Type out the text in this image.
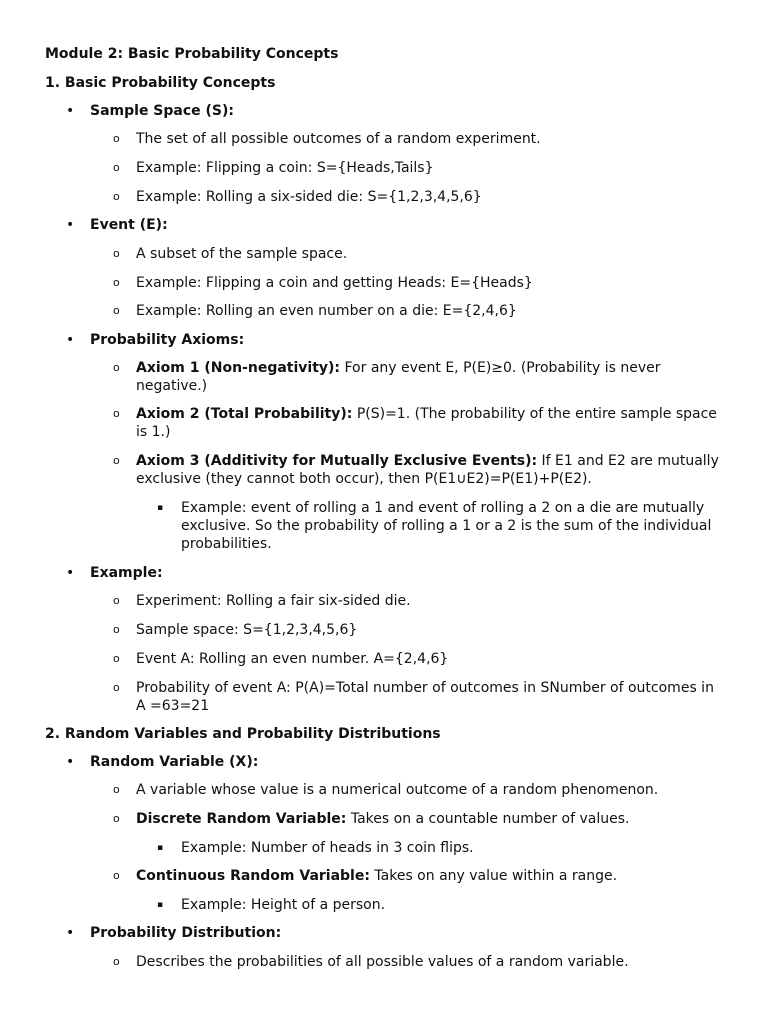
Module 2: Basic Probability Concepts
1. Basic Probability Concepts
• Sample Space (S):
o The set of all possible outcomes of a random experiment.
o Example: Flipping a coin: S={Heads,Tails}
o Example: Rolling a six-sided die: S={1,2,3,4,5,6}
• Event (E):
o A subset of the sample space.
o Example: Flipping a coin and getting Heads: E={Heads}
o Example: Rolling an even number on a die: E={2,4,6}
• Probability Axioms:
o Axiom 1 (Non-negativity): For any event E, P(E)≥0. (Probability is never negative.)
o Axiom 2 (Total Probability): P(S)=1. (The probability of the entire sample space is 1.)
o Axiom 3 (Additivity for Mutually Exclusive Events): If E1 and E2 are mutually exclusive (they cannot both occur), then P(E1∪E2)=P(E1)+P(E2).
▪ Example: event of rolling a 1 and event of rolling a 2 on a die are mutually exclusive. So the probability of rolling a 1 or a 2 is the sum of the individual probabilities.
• Example:
o Experiment: Rolling a fair six-sided die.
o Sample space: S={1,2,3,4,5,6}
o Event A: Rolling an even number. A={2,4,6}
o Probability of event A: P(A)=Total number of outcomes in SNumber of outcomes in A =63=21
2. Random Variables and Probability Distributions
• Random Variable (X):
o A variable whose value is a numerical outcome of a random phenomenon.
o Discrete Random Variable: Takes on a countable number of values.
▪ Example: Number of heads in 3 coin flips.
o Continuous Random Variable: Takes on any value within a range.
▪ Example: Height of a person.
• Probability Distribution:
o Describes the probabilities of all possible values of a random variable.
